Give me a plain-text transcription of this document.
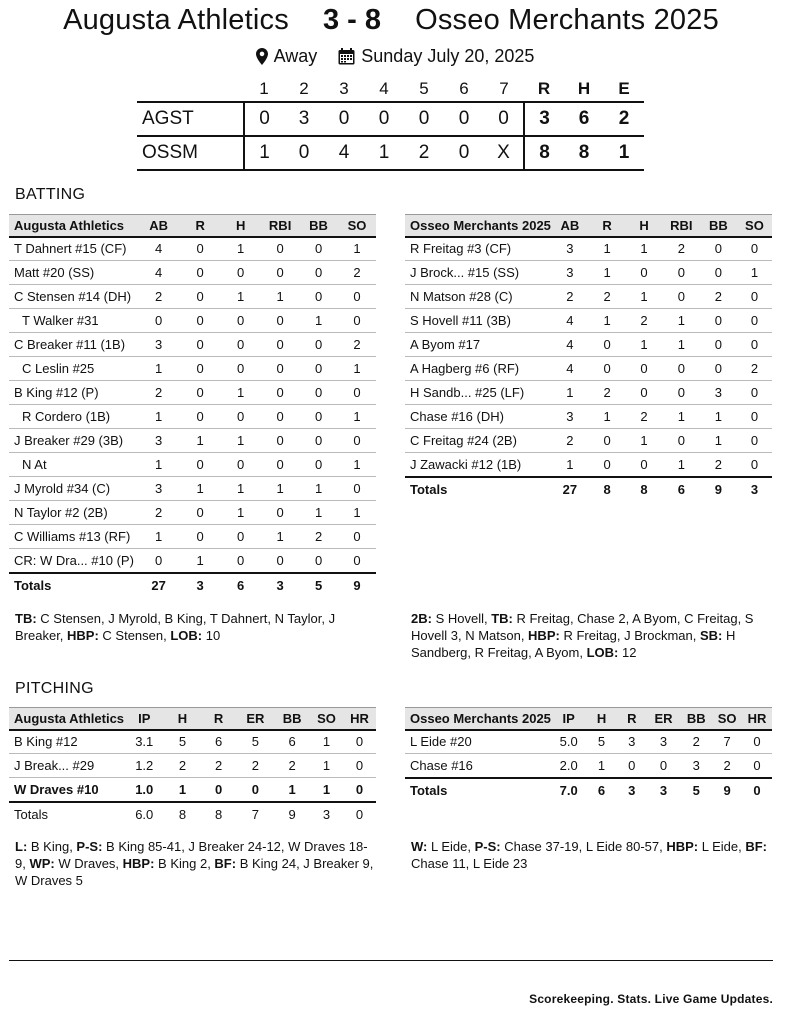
Augusta Athletics 3 - 8 Osseo Merchants 2025
Away
Sunday July 20, 2025
	1	2	3	4	5	6	7	R	H	E
AGST	0	3	0	0	0	0	0	3	6	2
OSSM	1	0	4	1	2	0	X	8	8	1
BATTING
Augusta Athletics	AB	R	H	RBI	BB	SO
T Dahnert #15 (CF)	4	0	1	0	0	1
Matt #20 (SS)	4	0	0	0	0	2
C Stensen #14 (DH)	2	0	1	1	0	0
T Walker #31	0	0	0	0	1	0
C Breaker #11 (1B)	3	0	0	0	0	2
C Leslin #25	1	0	0	0	0	1
B King #12 (P)	2	0	1	0	0	0
R Cordero (1B)	1	0	0	0	0	1
J Breaker #29 (3B)	3	1	1	0	0	0
N At	1	0	0	0	0	1
J Myrold #34 (C)	3	1	1	1	1	0
N Taylor #2 (2B)	2	0	1	0	1	1
C Williams #13 (RF)	1	0	0	1	2	0
CR: W Dra... #10 (P)	0	1	0	0	0	0
Totals	27	3	6	3	5	9
Osseo Merchants 2025	AB	R	H	RBI	BB	SO
R Freitag #3 (CF)	3	1	1	2	0	0
J Brock... #15 (SS)	3	1	0	0	0	1
N Matson #28 (C)	2	2	1	0	2	0
S Hovell #11 (3B)	4	1	2	1	0	0
A Byom #17	4	0	1	1	0	0
A Hagberg #6 (RF)	4	0	0	0	0	2
H Sandb... #25 (LF)	1	2	0	0	3	0
Chase #16 (DH)	3	1	2	1	1	0
C Freitag #24 (2B)	2	0	1	0	1	0
J Zawacki #12 (1B)	1	0	0	1	2	0
Totals	27	8	8	6	9	3
TB: C Stensen, J Myrold, B King, T Dahnert, N Taylor, J Breaker, HBP: C Stensen, LOB: 10
2B: S Hovell, TB: R Freitag, Chase 2, A Byom, C Freitag, S Hovell 3, N Matson, HBP: R Freitag, J Brockman, SB: H Sandberg, R Freitag, A Byom, LOB: 12
PITCHING
Augusta Athletics	IP	H	R	ER	BB	SO	HR
B King #12	3.1	5	6	5	6	1	0
J Break... #29	1.2	2	2	2	2	1	0
W Draves #10	1.0	1	0	0	1	1	0
Totals	6.0	8	8	7	9	3	0
Osseo Merchants 2025	IP	H	R	ER	BB	SO	HR
L Eide #20	5.0	5	3	3	2	7	0
Chase #16	2.0	1	0	0	3	2	0
Totals	7.0	6	3	3	5	9	0
L: B King, P-S: B King 85-41, J Breaker 24-12, W Draves 18-9, WP: W Draves, HBP: B King 2, BF: B King 24, J Breaker 9, W Draves 5
W: L Eide, P-S: Chase 37-19, L Eide 80-57, HBP: L Eide, BF: Chase 11, L Eide 23
Scorekeeping. Stats. Live Game Updates.
